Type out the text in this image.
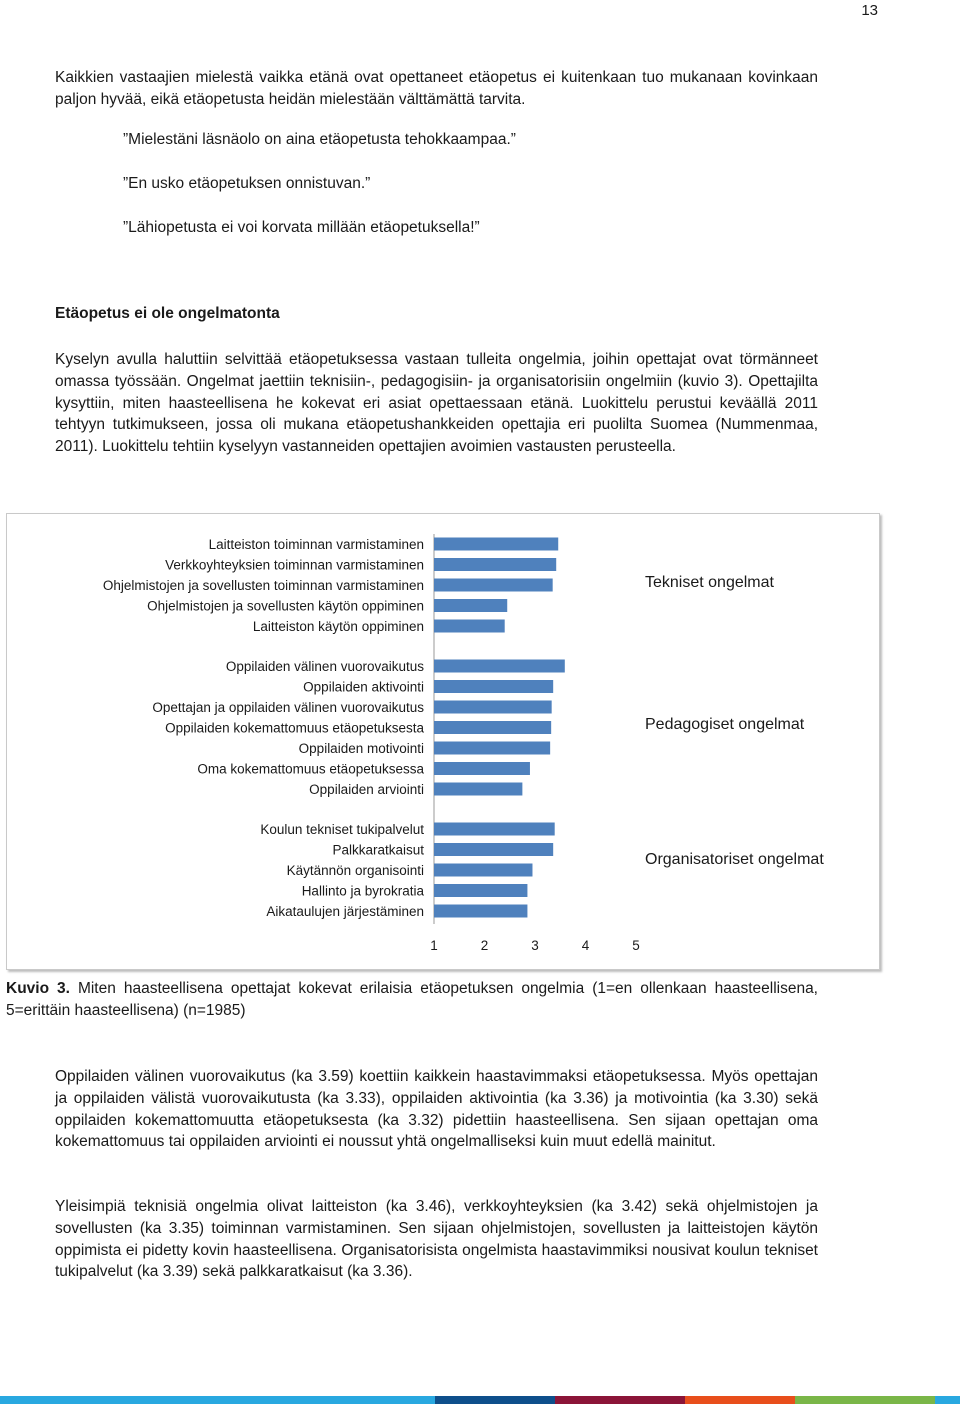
13

Kaikkien vastaajien mielestä vaikka etänä ovat opettaneet etäopetus ei kuitenkaan tuo mukanaan kovinkaan paljon hyvää, eikä etäopetusta heidän mielestään välttämättä tarvita.

”Mielestäni läsnäolo on aina etäopetusta tehokkaampaa.”

”En usko etäopetuksen onnistuvan.”

”Lähiopetusta ei voi korvata millään etäopetuksella!”

Etäopetus ei ole ongelmatonta

Kyselyn avulla haluttiin selvittää etäopetuksessa vastaan tulleita ongelmia, joihin opettajat ovat törmänneet omassa työssään. Ongelmat jaettiin teknisiin-, pedagogisiin- ja organisatorisiin ongelmiin (kuvio 3). Opettajilta kysyttiin, miten haasteellisena he kokevat eri asiat opettaessaan etänä. Luokittelu perustui keväällä 2011 tehtyyn tutkimukseen, jossa oli mukana etäopetushankkeiden opettajia eri puolilta Suomea (Nummenmaa, 2011). Luokittelu tehtiin kyselyyn vastanneiden opettajien avoimien vastausten perusteella.

Laitteiston toiminnan varmistaminen
Verkkoyhteyksien toiminnan varmistaminen
Ohjelmistojen ja sovellusten toiminnan varmistaminen
Ohjelmistojen ja sovellusten käytön oppiminen
Laitteiston käytön oppiminen
Tekniset ongelmat
Oppilaiden välinen vuorovaikutus
Oppilaiden aktivointi
Opettajan ja oppilaiden välinen vuorovaikutus
Oppilaiden kokemattomuus etäopetuksesta
Oppilaiden motivointi
Oma kokemattomuus etäopetuksessa
Oppilaiden arviointi
Pedagogiset ongelmat
Koulun tekniset tukipalvelut
Palkkaratkaisut
Käytännön organisointi
Hallinto ja byrokratia
Aikataulujen järjestäminen
Organisatoriset ongelmat
1	2	3	4	5

Kuvio 3. Miten haasteellisena opettajat kokevat erilaisia etäopetuksen ongelmia (1=en ollenkaan haasteellisena, 5=erittäin haasteellisena) (n=1985)

Oppilaiden välinen vuorovaikutus (ka 3.59) koettiin kaikkein haastavimmaksi etäopetuksessa. Myös opettajan ja oppilaiden välistä vuorovaikutusta (ka 3.33), oppilaiden aktivointia (ka 3.36) ja motivointia (ka 3.30) sekä oppilaiden kokemattomuutta etäopetuksesta (ka 3.32) pidettiin haasteellisena. Sen sijaan opettajan oma kokemattomuus tai oppilaiden arviointi ei noussut yhtä ongelmalliseksi kuin muut edellä mainitut.

Yleisimpiä teknisiä ongelmia olivat laitteiston (ka 3.46), verkkoyhteyksien (ka 3.42) sekä ohjelmistojen ja sovellusten (ka 3.35) toiminnan varmistaminen. Sen sijaan ohjelmistojen, sovellusten ja laitteistojen käytön oppimista ei pidetty kovin haasteellisena. Organisatorisista ongelmista haastavimmiksi nousivat koulun tekniset tukipalvelut (ka 3.39) sekä palkkaratkaisut (ka 3.36).
